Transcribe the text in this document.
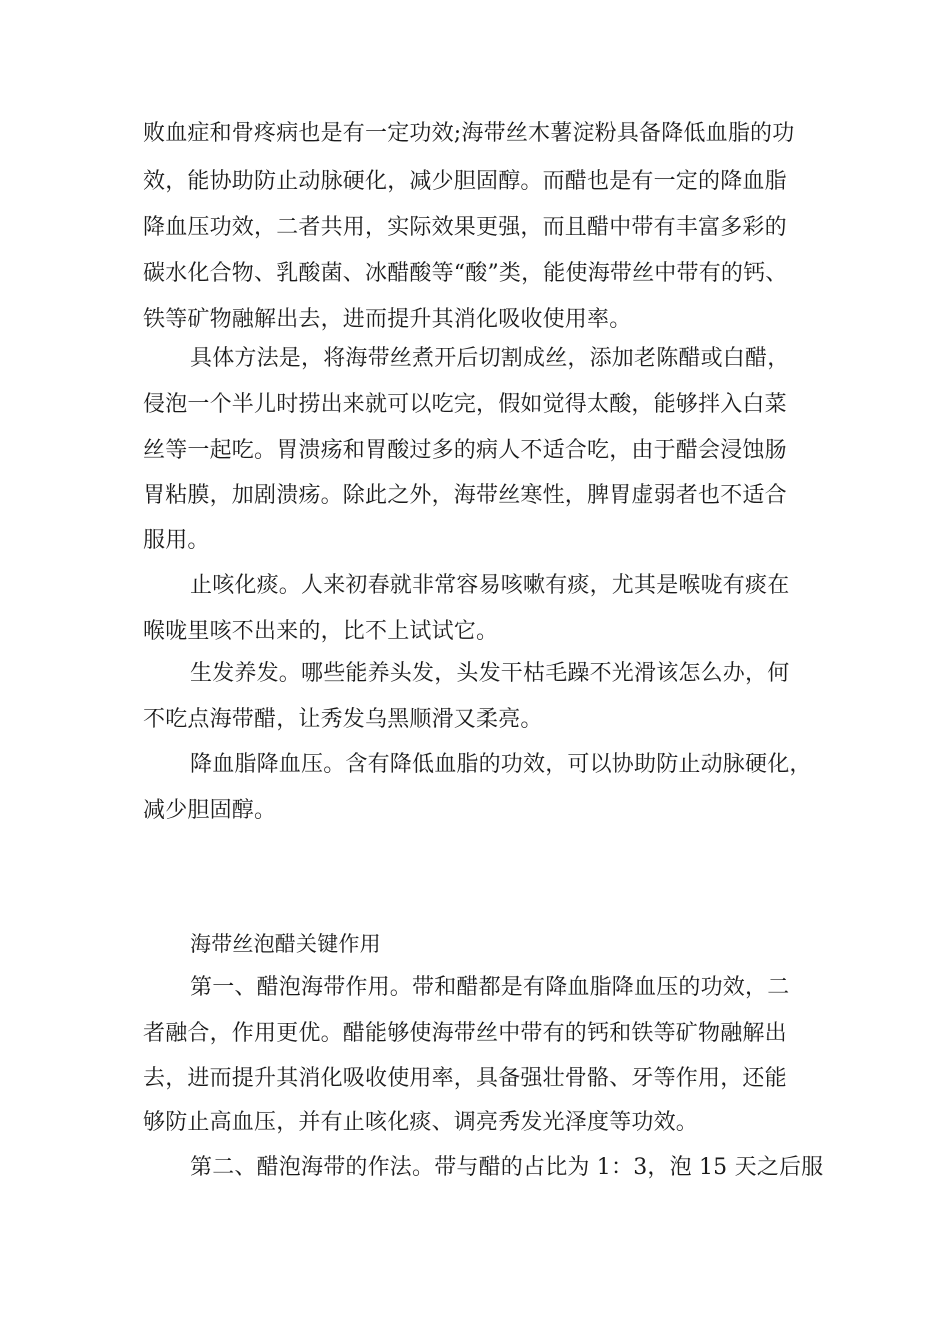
败血症和骨疼病也是有一定功效;海带丝木薯淀粉具备降低血脂的功
效，能协助防止动脉硬化，减少胆固醇。而醋也是有一定的降血脂
降血压功效，二者共用，实际效果更强，而且醋中带有丰富多彩的
碳水化合物、乳酸菌、冰醋酸等“酸”类，能使海带丝中带有的钙、
铁等矿物融解出去，进而提升其消化吸收使用率。
具体方法是，将海带丝煮开后切割成丝，添加老陈醋或白醋，
侵泡一个半儿时捞出来就可以吃完，假如觉得太酸，能够拌入白菜
丝等一起吃。胃溃疡和胃酸过多的病人不适合吃，由于醋会浸蚀肠
胃粘膜，加剧溃疡。除此之外，海带丝寒性，脾胃虚弱者也不适合
服用。
止咳化痰。人来初春就非常容易咳嗽有痰，尤其是喉咙有痰在
喉咙里咳不出来的，比不上试试它。
生发养发。哪些能养头发，头发干枯毛躁不光滑该怎么办，何
不吃点海带醋，让秀发乌黑顺滑又柔亮。
降血脂降血压。含有降低血脂的功效，可以协助防止动脉硬化，
减少胆固醇。
海带丝泡醋关键作用
第一、醋泡海带作用。带和醋都是有降血脂降血压的功效，二
者融合，作用更优。醋能够使海带丝中带有的钙和铁等矿物融解出
去，进而提升其消化吸收使用率，具备强壮骨骼、牙等作用，还能
够防止高血压，并有止咳化痰、调亮秀发光泽度等功效。
第二、醋泡海带的作法。带与醋的占比为 1：3，泡 15 天之后服
